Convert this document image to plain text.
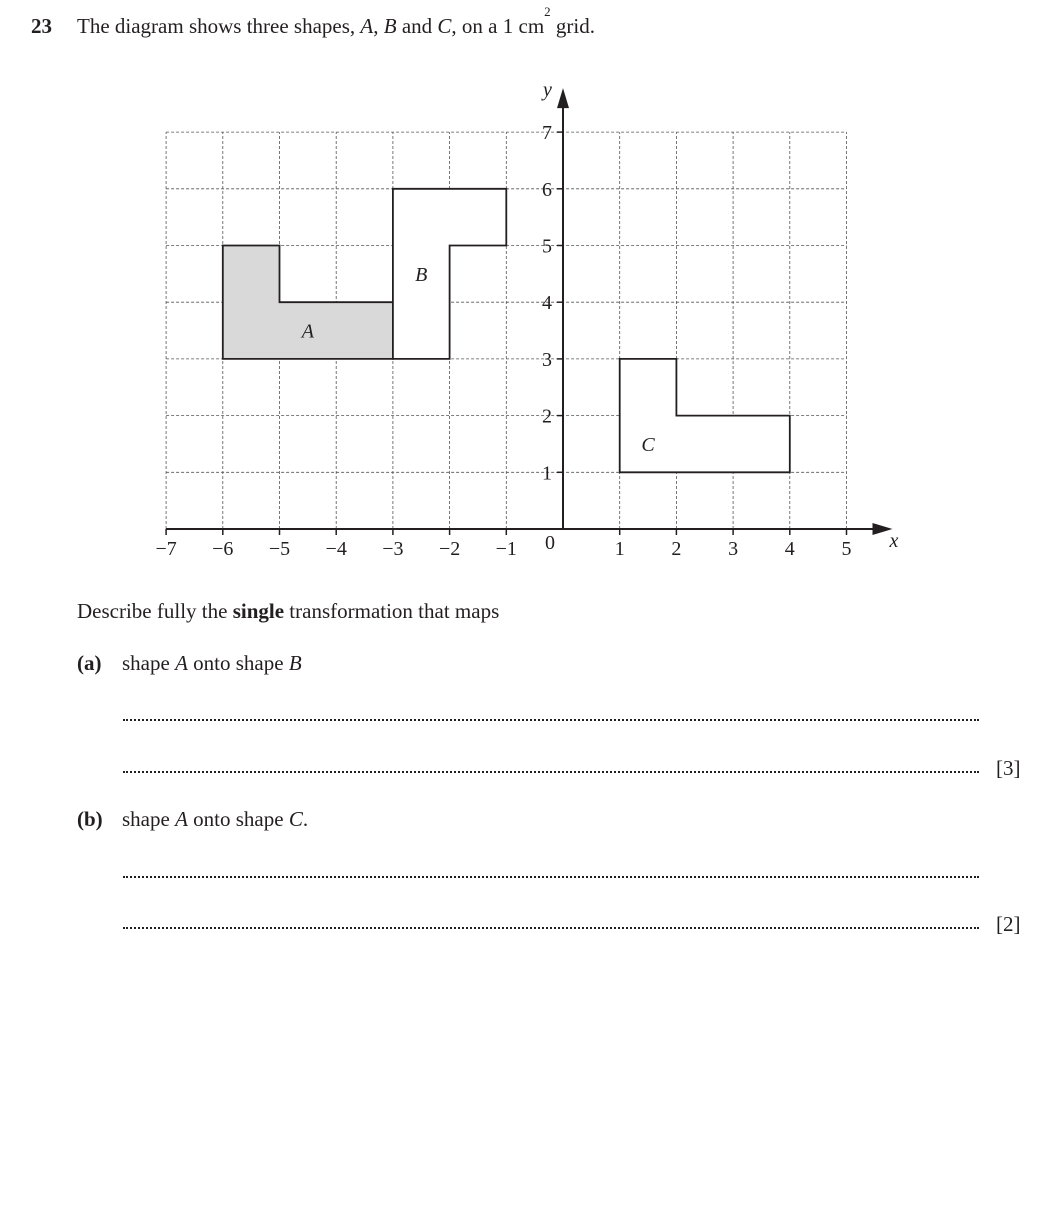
23 The diagram shows three shapes, A, B and C, on a 1 $cm^2$ grid.
A
B
C
−7 −6 −5 −4 −3 −2 −1	1 2 3 4 5
1
2
3
4
5
6
7
0	x
y
Describe fully the single transformation that maps
(a) shape A onto shape B
[3]
(b) shape A onto shape C.
[2]
